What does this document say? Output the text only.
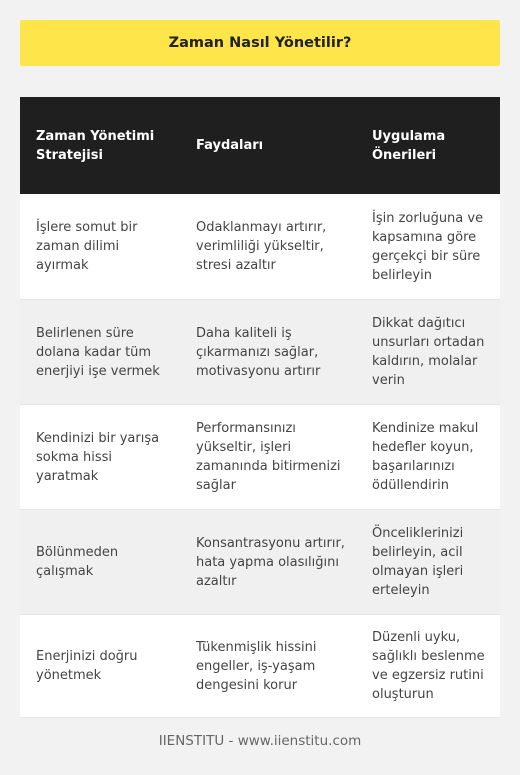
Zaman Nasıl Yönetilir?
Zaman Yönetimi Stratejisi	Faydaları	Uygulama Önerileri
İşlere somut bir zaman dilimi ayırmak	Odaklanmayı artırır, verimliliği yükseltir, stresi azaltır	İşin zorluğuna ve kapsamına göre gerçekçi bir süre belirleyin
Belirlenen süre dolana kadar tüm enerjiyi işe vermek	Daha kaliteli iş çıkarmanızı sağlar, motivasyonu artırır	Dikkat dağıtıcı unsurları ortadan kaldırın, molalar verin
Kendinizi bir yarışa sokma hissi yaratmak	Performansınızı yükseltir, işleri zamanında bitirmenizi sağlar	Kendinize makul hedefler koyun, başarılarınızı ödüllendirin
Bölünmeden çalışmak	Konsantrasyonu artırır, hata yapma olasılığını azaltır	Önceliklerinizi belirleyin, acil olmayan işleri erteleyin
Enerjinizi doğru yönetmek	Tükenmişlik hissini engeller, iş-yaşam dengesini korur	Düzenli uyku, sağlıklı beslenme ve egzersiz rutini oluşturun
IIENSTITU - www.iienstitu.com
